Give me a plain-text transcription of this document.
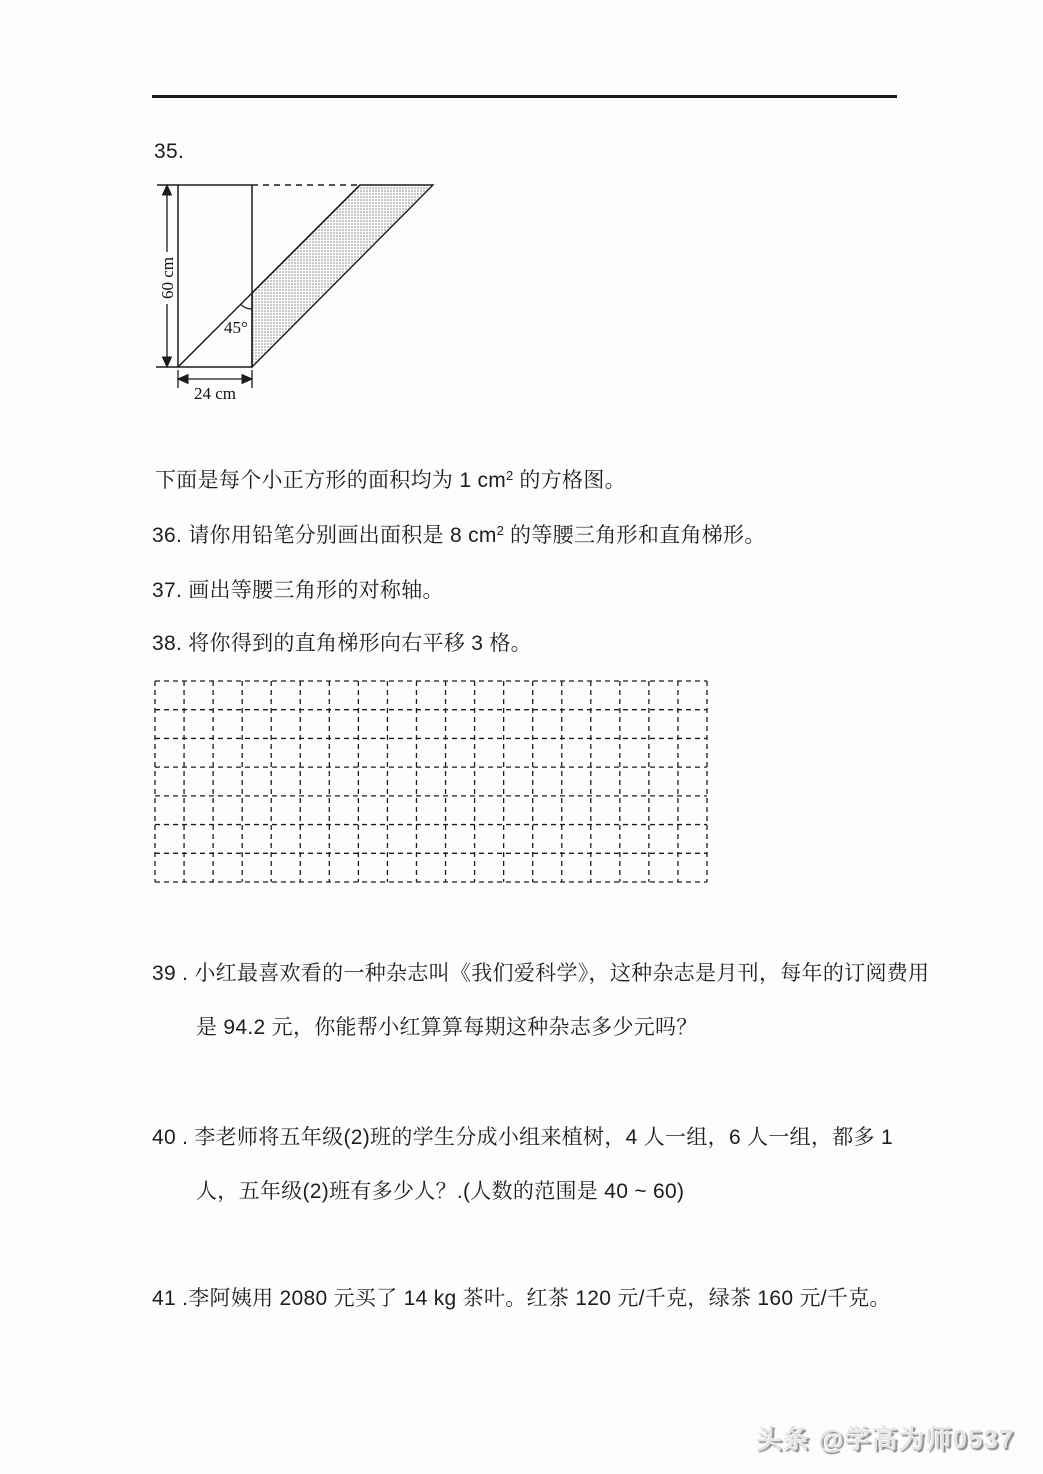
35.
45°
60 cm
24 cm
下面是每个小正方形的面积均为 1 $cm^2$ 的方格图。
36. 请你用铅笔分别画出面积是 8 $cm^2$ 的等腰三角形和直角梯形。
37. 画出等腰三角形的对称轴。
38. 将你得到的直角梯形向右平移 3 格。
39 . 小红最喜欢看的一种杂志叫《我们爱科学》，这种杂志是月刊，每年的订阅费用
是 94.2 元，你能帮小红算算每期这种杂志多少元吗？
40 . 李老师将五年级(2)班的学生分成小组来植树，4 人一组，6 人一组，都多 1
人，五年级(2)班有多少人？.(人数的范围是 40 ~ 60)
41 .李阿姨用 2080 元买了 14 kg 茶叶。红茶 120 元/千克，绿茶 160 元/千克。
头条 @学高为师0537
